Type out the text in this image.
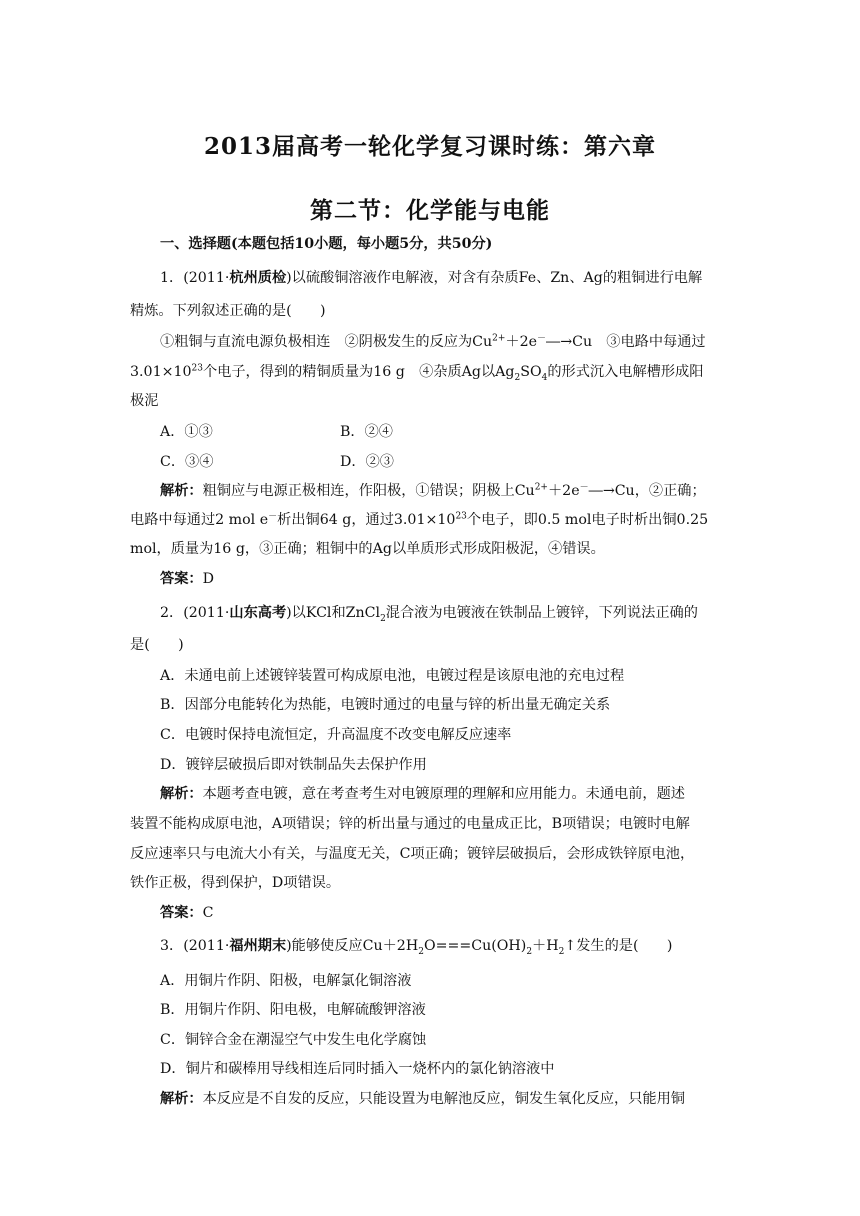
2013届高考一轮化学复习课时练：第六章
第二节：化学能与电能
一、选择题(本题包括10小题，每小题5分，共50分)
1．(2011·杭州质检)以硫酸铜溶液作电解液，对含有杂质Fe、Zn、Ag的粗铜进行电解
精炼。下列叙述正确的是(　　)
①粗铜与直流电源负极相连　②阴极发生的反应为$Cu^{2+}+2e^-―\to Cu$　③电路中每通过
$3.01\times 10^{23}$个电子，得到的精铜质量为16 g　④杂质Ag以$Ag_2SO_4$的形式沉入电解槽形成阳
极泥
A．①③	B．②④
C．③④	D．②③
解析：粗铜应与电源正极相连，作阳极，①错误；阴极上$Cu^{2+}+2e^-―\to Cu$，②正确；
电路中每通过2 mol e－析出铜64 g，通过$3.01\times 10^{23}$个电子，即0.5 mol电子时析出铜0.25
mol，质量为16 g，③正确；粗铜中的Ag以单质形式形成阳极泥，④错误。
答案：D
2．(2011·山东高考)以KCl和ZnCl$_2$混合液为电镀液在铁制品上镀锌，下列说法正确的
是(　　)
A．未通电前上述镀锌装置可构成原电池，电镀过程是该原电池的充电过程
B．因部分电能转化为热能，电镀时通过的电量与锌的析出量无确定关系
C．电镀时保持电流恒定，升高温度不改变电解反应速率
D．镀锌层破损后即对铁制品失去保护作用
解析：本题考查电镀，意在考查考生对电镀原理的理解和应用能力。未通电前，题述
装置不能构成原电池，A项错误；锌的析出量与通过的电量成正比，B项错误；电镀时电解
反应速率只与电流大小有关，与温度无关，C项正确；镀锌层破损后，会形成铁锌原电池，
铁作正极，得到保护，D项错误。
答案：C
3．(2011·福州期末)能够使反应$Cu+2H_2O===Cu(OH)_2+H_2↑$发生的是(　　)
A．用铜片作阴、阳极，电解氯化铜溶液
B．用铜片作阴、阳电极，电解硫酸钾溶液
C．铜锌合金在潮湿空气中发生电化学腐蚀
D．铜片和碳棒用导线相连后同时插入一烧杯内的氯化钠溶液中
解析：本反应是不自发的反应，只能设置为电解池反应，铜发生氧化反应，只能用铜
